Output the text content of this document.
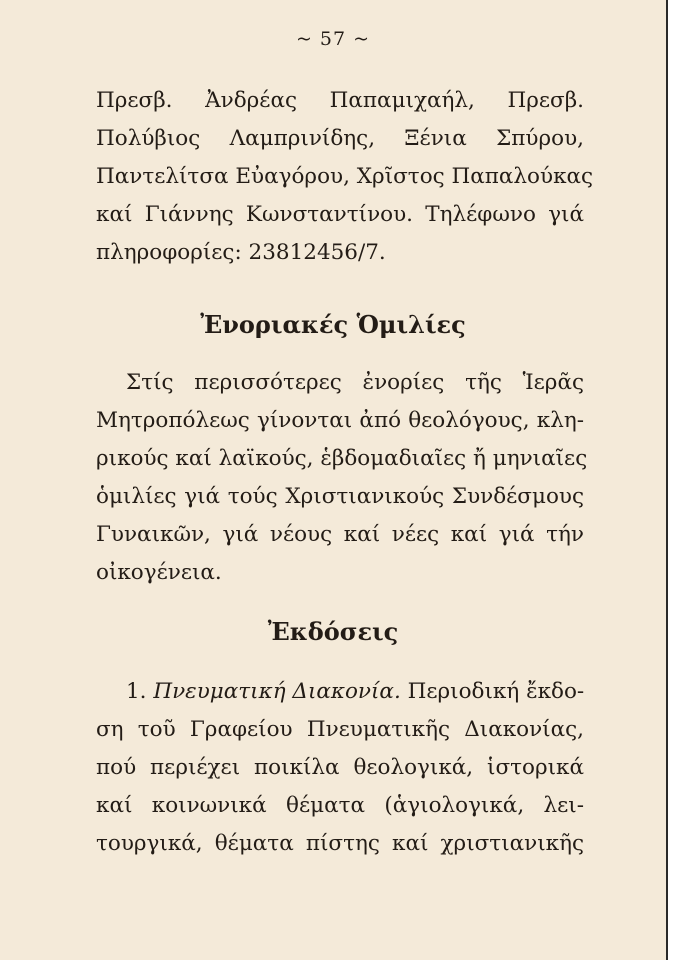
~ 57 ~
Πρεσβ. Ἀνδρέας Παπαμιχαήλ, Πρεσβ.
Πολύβιος Λαμπρινίδης, Ξένια Σπύρου,
Παντελίτσα Εὐαγόρου, Χρῖστος Παπαλούκας
καί Γιάννης Κωνσταντίνου. Τηλέφωνο γιά
πληροφορίες: 23812456/7.
Ἐνοριακές Ὁμιλίες
Στίς περισσότερες ἐνορίες τῆς Ἱερᾶς
Μητροπόλεως γίνονται ἀπό θεολόγους, κλη-
ρικούς καί λαϊκούς, ἑβδομαδιαῖες ἤ μηνιαῖες
ὁμιλίες γιά τούς Χριστιανικούς Συνδέσμους
Γυναικῶν, γιά νέους καί νέες καί γιά τήν
οἰκογένεια.
Ἐκδόσεις
1. Πνευματική Διακονία. Περιοδική ἔκδο-
ση τοῦ Γραφείου Πνευματικῆς Διακονίας,
πού περιέχει ποικίλα θεολογικά, ἱστορικά
καί κοινωνικά θέματα (ἁγιολογικά, λει-
τουργικά, θέματα πίστης καί χριστιανικῆς
